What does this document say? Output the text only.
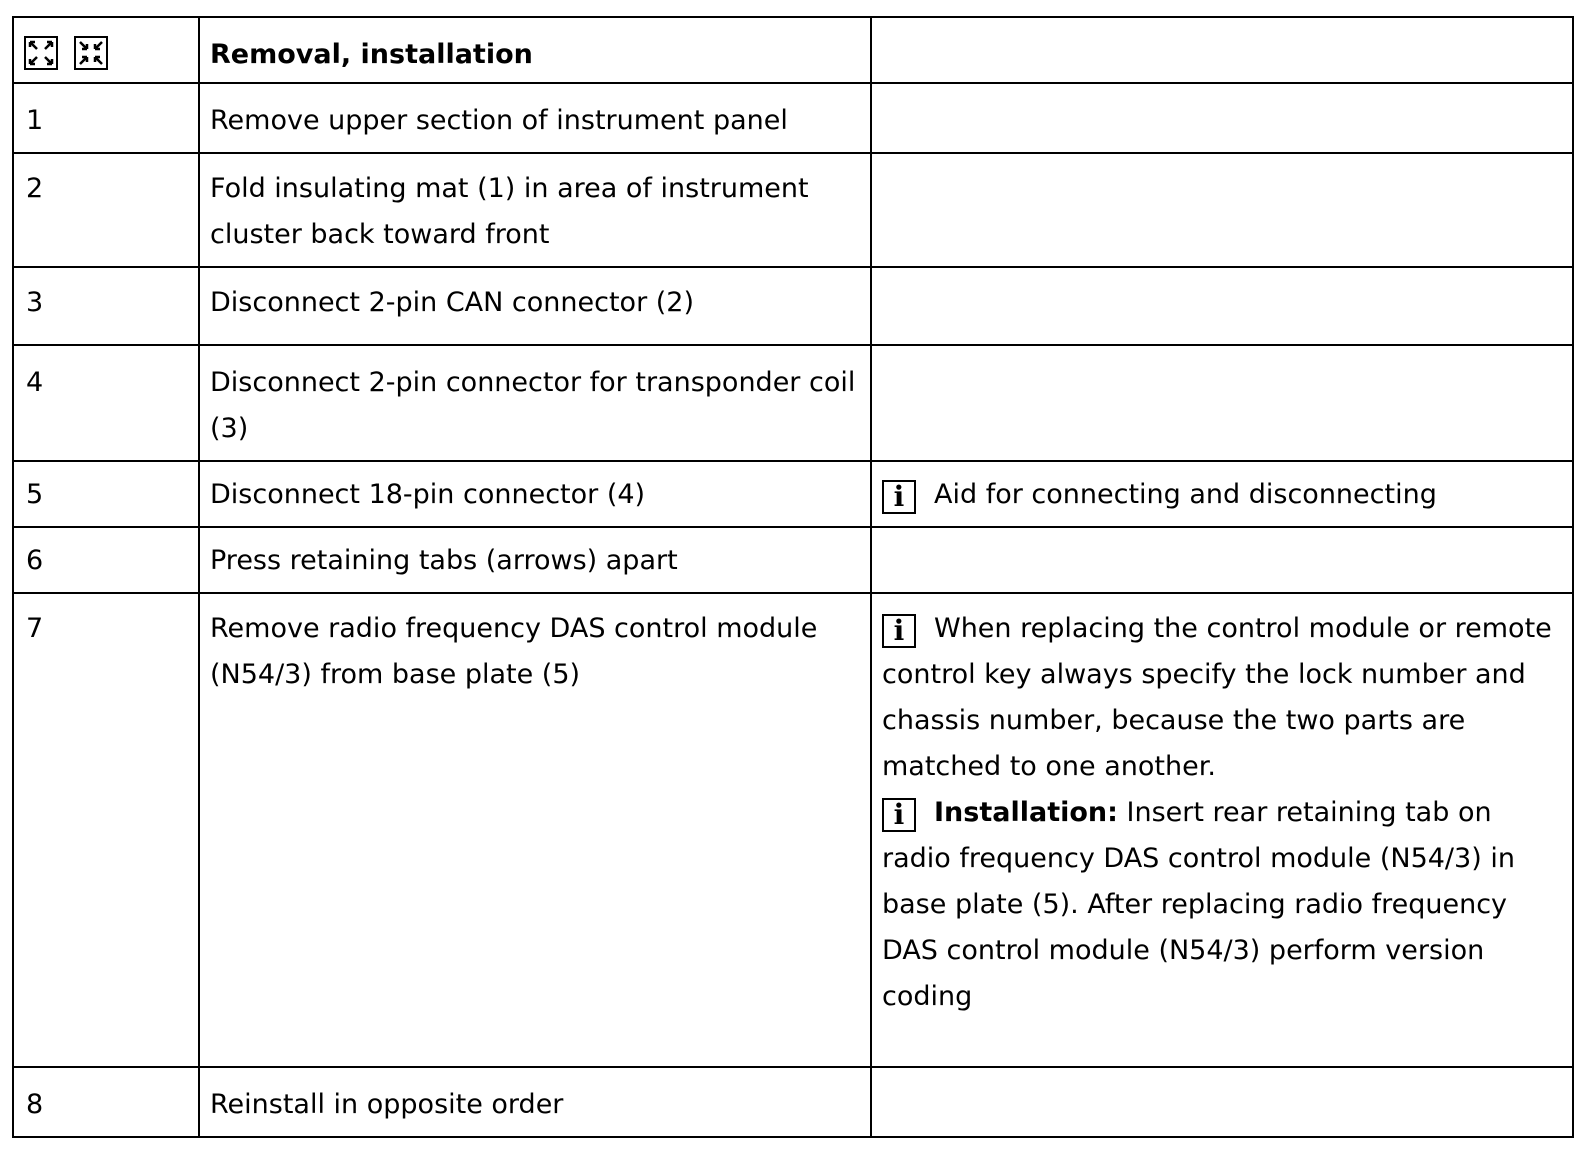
	Removal, installation	
1	Remove upper section of instrument panel	
2	Fold insulating mat (1) in area of instrument cluster back toward front	
3	Disconnect 2-pin CAN connector (2)	
4	Disconnect 2-pin connector for transponder coil (3)	
5	Disconnect 18-pin connector (4)	i Aid for connecting and disconnecting
6	Press retaining tabs (arrows) apart	
7	Remove radio frequency DAS control module (N54/3) from base plate (5)	i When replacing the control module or remote control key always specify the lock number and chassis number, because the two parts are matched to one another.
i Installation: Insert rear retaining tab on radio frequency DAS control module (N54/3) in base plate (5). After replacing radio frequency DAS control module (N54/3) perform version coding

8	Reinstall in opposite order	
